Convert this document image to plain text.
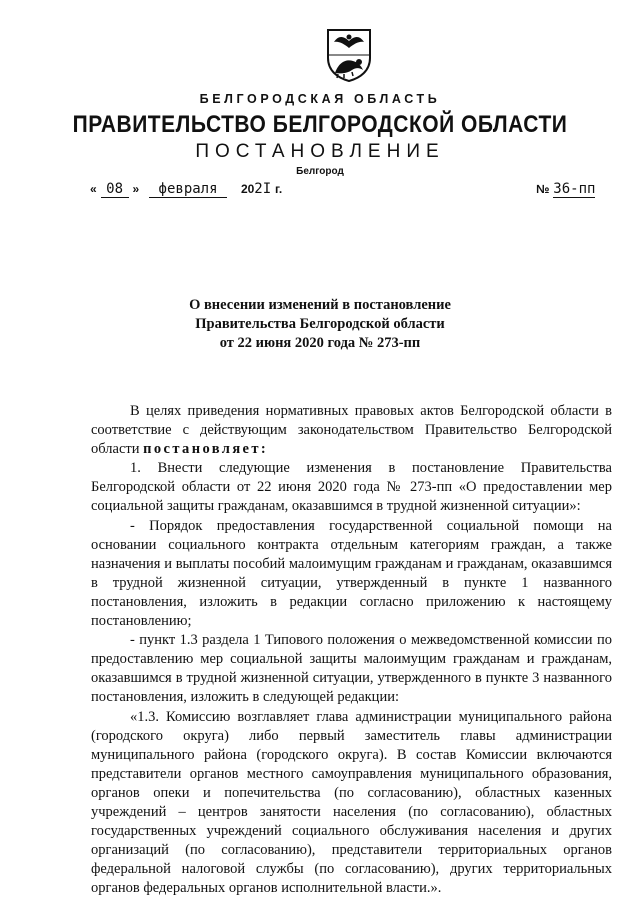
БЕЛГОРОДСКАЯ ОБЛАСТЬ
ПРАВИТЕЛЬСТВО БЕЛГОРОДСКОЙ ОБЛАСТИ
ПОСТАНОВЛЕНИЕ
Белгород
« 08 » февраля 202I г.	№ 36-пп
О внесении изменений в постановление
Правительства Белгородской области
от 22 июня 2020 года № 273-пп

В целях приведения нормативных правовых актов Белгородской области в соответствие с действующим законодательством Правительство Белгородской области постановляет:

1. Внести следующие изменения в постановление Правительства Белгородской области от 22 июня 2020 года № 273-пп «О предоставлении мер социальной защиты гражданам, оказавшимся в трудной жизненной ситуации»:

- Порядок предоставления государственной социальной помощи на основании социального контракта отдельным категориям граждан, а также назначения и выплаты пособий малоимущим гражданам и гражданам, оказавшимся в трудной жизненной ситуации, утвержденный в пункте 1 названного постановления, изложить в редакции согласно приложению к настоящему постановлению;

- пункт 1.3 раздела 1 Типового положения о межведомственной комиссии по предоставлению мер социальной защиты малоимущим гражданам и гражданам, оказавшимся в трудной жизненной ситуации, утвержденного в пункте 3 названного постановления, изложить в следующей редакции:

«1.3. Комиссию возглавляет глава администрации муниципального района (городского округа) либо первый заместитель главы администрации муниципального района (городского округа). В состав Комиссии включаются представители органов местного самоуправления муниципального образования, органов опеки и попечительства (по согласованию), областных казенных учреждений – центров занятости населения (по согласованию), областных государственных учреждений социального обслуживания населения и других организаций (по согласованию), представители территориальных органов федеральной налоговой службы (по согласованию), других территориальных органов федеральных органов исполнительной власти.».
